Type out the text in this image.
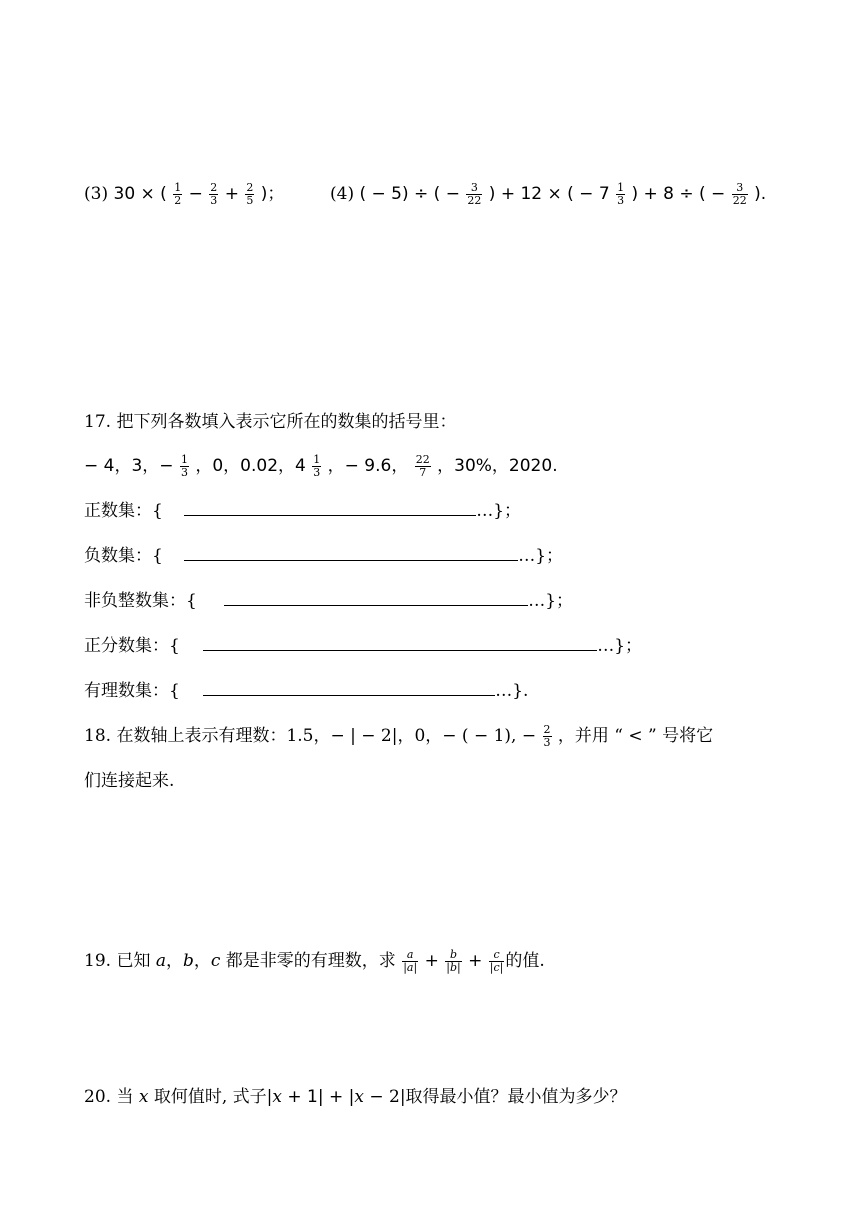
(3) 30 × ( $\frac{1}{2} - \frac{2}{3} + \frac{2}{5}$ )；	(4) ( − 5) ÷ ( − $\frac{3}{22}$ ) + 12 × ( − $7 \frac{1}{3}$ ) + 8 ÷ ( − $\frac{3}{22}$ ).
17. 把下列各数填入表示它所在的数集的括号里：
− 4，3，− $\frac{1}{3}$ ，0，0.02，$4 \frac{1}{3}$ ，− 9.6， $\frac{22}{7}$ ，30%，2020.
正数集：{	…}；
负数集：{	…}；
非负整数集：{	…}；
正分数集：{	…}；
有理数集：{	…}.
18. 在数轴上表示有理数：1.5，− | − 2|，0，− ( − 1), − $\frac{2}{3}$ ，并用 “ < ” 号将它
们连接起来.
19. 已知 a，b，c 都是非零的有理数，求 $\frac{a}{|a|} + \frac{b}{|b|} + \frac{c}{|c|}$ 的值.
20. 当 x 取何值时, 式子|x + 1| + |x − 2|取得最小值？最小值为多少？
